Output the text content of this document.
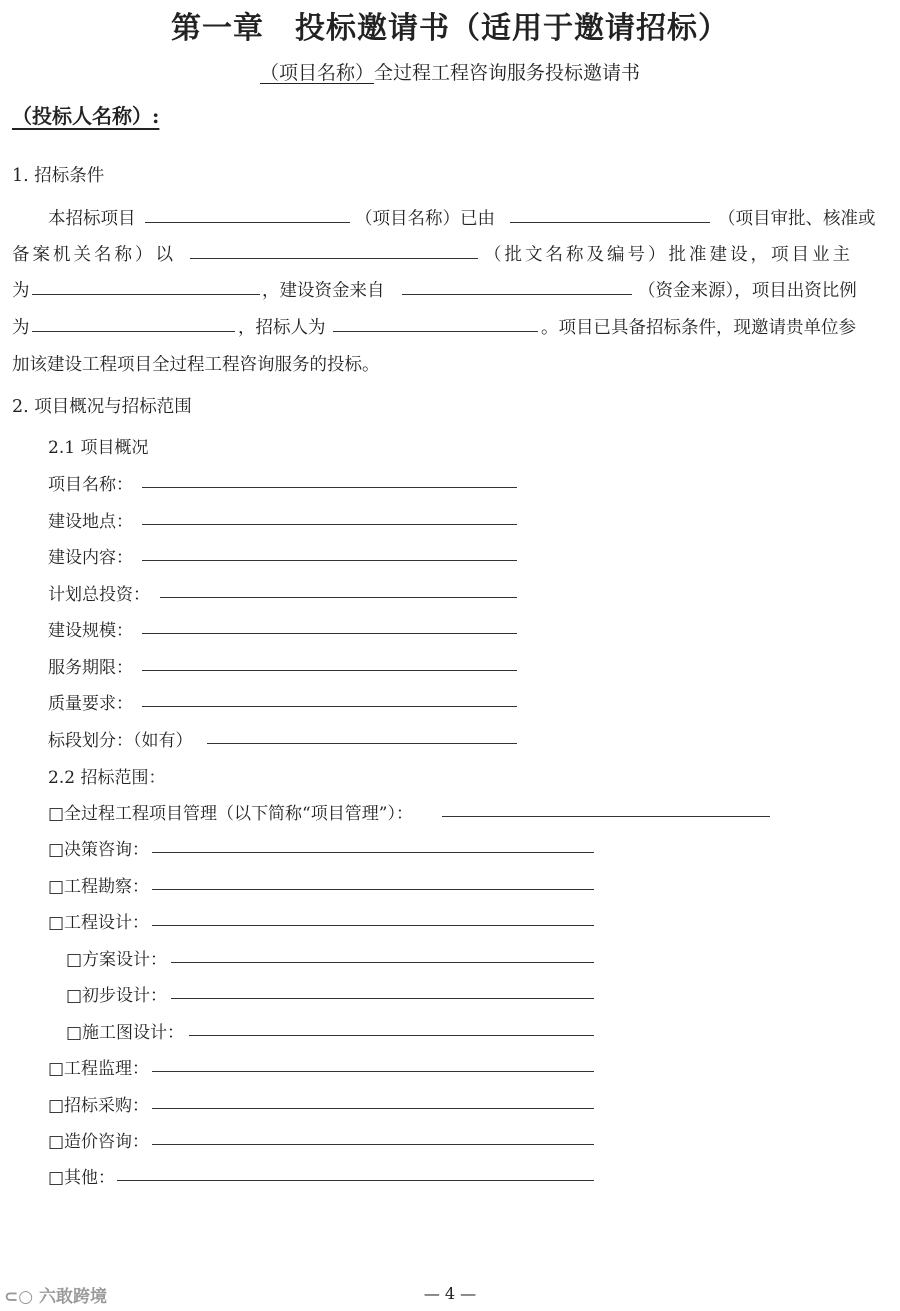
第一章　投标邀请书（适用于邀请招标）
（项目名称）全过程工程咨询服务投标邀请书
（投标人名称）:
1. 招标条件
本招标项目	（项目名称）已由	（项目审批、核准或
备案机关名称）以	（批文名称及编号）批准建设，项目业主
为	，建设资金来自	（资金来源），项目出资比例
为	，招标人为	。项目已具备招标条件，现邀请贵单位参
加该建设工程项目全过程工程咨询服务的投标。
2. 项目概况与招标范围
2.1 项目概况
项目名称：
建设地点：
建设内容：
计划总投资：
建设规模：
服务期限：
质量要求：
标段划分：（如有）
2.2 招标范围：
□全过程工程项目管理（以下简称“项目管理”）：
□决策咨询：
□工程勘察：
□工程设计：
□方案设计：
□初步设计：
□施工图设计：
□工程监理：
□招标采购：
□造价咨询：
□其他：
— 4 —
⊂○ 六敢跨境
